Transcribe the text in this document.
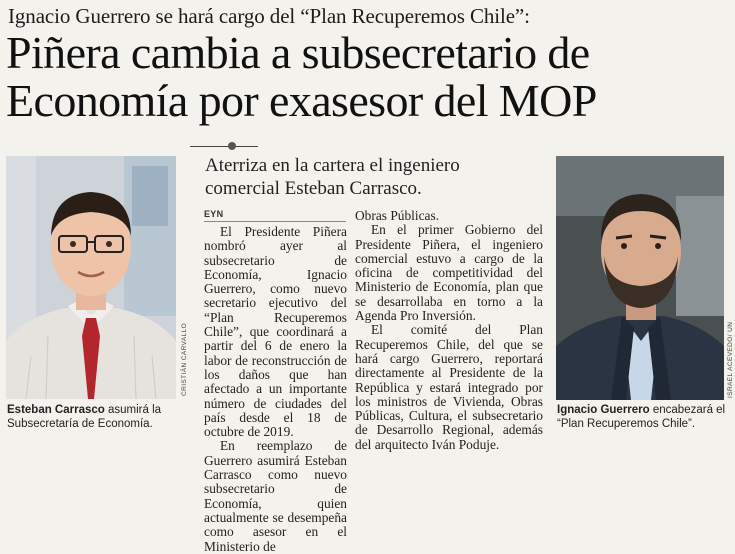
Ignacio Guerrero se hará cargo del “Plan Recuperemos Chile”:
Piñera cambia a subsecretario de
Economía por exasesor del MOP
Aterriza en la cartera el ingeniero comercial Esteban Carrasco.
EYN

El Presidente Piñera nombró ayer al subsecretario de Economía, Ignacio Guerrero, como nuevo secretario ejecutivo del “Plan Recuperemos Chile”, que coordinará a partir del 6 de enero la labor de reconstrucción de los daños que han afectado a un importante número de ciudades del país desde el 18 de octubre de 2019.

En reemplazo de Guerrero asumirá Esteban Carrasco como nuevo subsecretario de Economía, quien actualmente se desempeña como asesor en el Ministerio de

Obras Públicas.

En el primer Gobierno del Presidente Piñera, el ingeniero comercial estuvo a cargo de la oficina de competitividad del Ministerio de Economía, plan que se desarrollaba en torno a la Agenda Pro Inversión.

El comité del Plan Recuperemos Chile, del que se hará cargo Guerrero, reportará directamente al Presidente de la República y estará integrado por los ministros de Vivienda, Obras Públicas, Cultura, el subsecretario de Desarrollo Regional, además del arquitecto Iván Poduje.

CRISTIÁN CARVALLO
Esteban Carrasco asumirá la Subsecretaría de Economía.
ISRAEL ACEVEDO/ UN
Ignacio Guerrero encabezará el “Plan Recuperemos Chile”.
